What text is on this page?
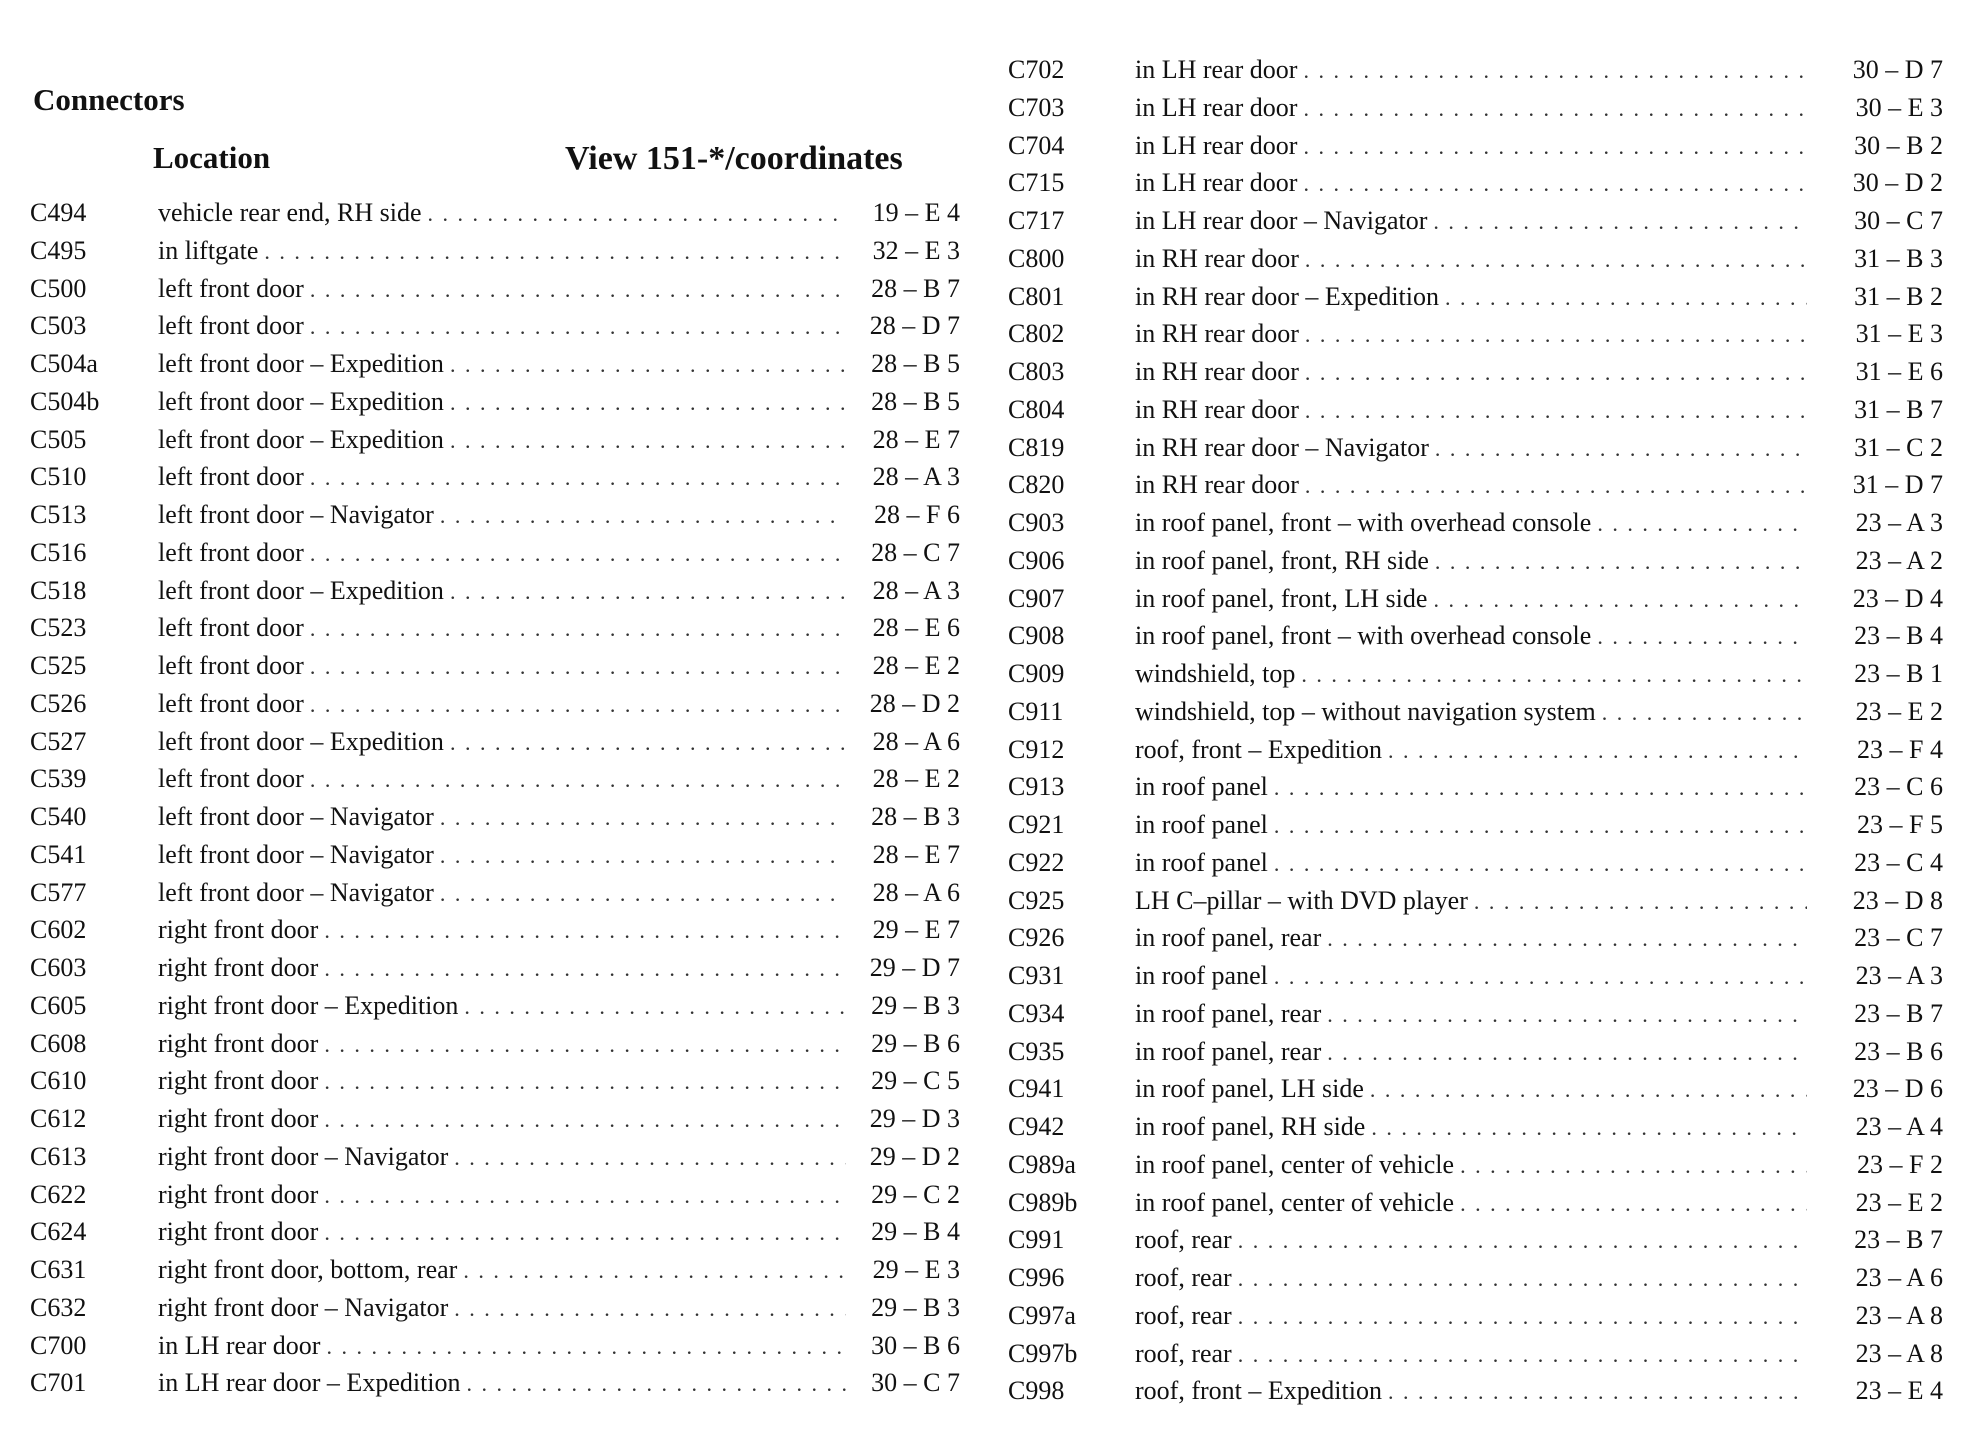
Connectors
Location	View 151-*/coordinates
C494	vehicle rear end, RH side . . .	19 – E 4
C495	in liftgate . . .	32 – E 3
C500	left front door . . .	28 – B 7
C503	left front door . . .	28 – D 7
C504a	left front door – Expedition . . .	28 – B 5
C504b	left front door – Expedition . . .	28 – B 5
C505	left front door – Expedition . . .	28 – E 7
C510	left front door . . .	28 – A 3
C513	left front door – Navigator . . .	28 – F 6
C516	left front door . . .	28 – C 7
C518	left front door – Expedition . . .	28 – A 3
C523	left front door . . .	28 – E 6
C525	left front door . . .	28 – E 2
C526	left front door . . .	28 – D 2
C527	left front door – Expedition . . .	28 – A 6
C539	left front door . . .	28 – E 2
C540	left front door – Navigator . . .	28 – B 3
C541	left front door – Navigator . . .	28 – E 7
C577	left front door – Navigator . . .	28 – A 6
C602	right front door . . .	29 – E 7
C603	right front door . . .	29 – D 7
C605	right front door – Expedition . . .	29 – B 3
C608	right front door . . .	29 – B 6
C610	right front door . . .	29 – C 5
C612	right front door . . .	29 – D 3
C613	right front door – Navigator . . .	29 – D 2
C622	right front door . . .	29 – C 2
C624	right front door . . .	29 – B 4
C631	right front door, bottom, rear . . .	29 – E 3
C632	right front door – Navigator . . .	29 – B 3
C700	in LH rear door . . .	30 – B 6
C701	in LH rear door – Expedition . . .	30 – C 7
C702	in LH rear door . . .	30 – D 7
C703	in LH rear door . . .	30 – E 3
C704	in LH rear door . . .	30 – B 2
C715	in LH rear door . . .	30 – D 2
C717	in LH rear door – Navigator . . .	30 – C 7
C800	in RH rear door . . .	31 – B 3
C801	in RH rear door – Expedition . . .	31 – B 2
C802	in RH rear door . . .	31 – E 3
C803	in RH rear door . . .	31 – E 6
C804	in RH rear door . . .	31 – B 7
C819	in RH rear door – Navigator . . .	31 – C 2
C820	in RH rear door . . .	31 – D 7
C903	in roof panel, front – with overhead console . . .	23 – A 3
C906	in roof panel, front, RH side . . .	23 – A 2
C907	in roof panel, front, LH side . . .	23 – D 4
C908	in roof panel, front – with overhead console . . .	23 – B 4
C909	windshield, top . . .	23 – B 1
C911	windshield, top – without navigation system . . .	23 – E 2
C912	roof, front – Expedition . . .	23 – F 4
C913	in roof panel . . .	23 – C 6
C921	in roof panel . . .	23 – F 5
C922	in roof panel . . .	23 – C 4
C925	LH C–pillar – with DVD player . . .	23 – D 8
C926	in roof panel, rear . . .	23 – C 7
C931	in roof panel . . .	23 – A 3
C934	in roof panel, rear . . .	23 – B 7
C935	in roof panel, rear . . .	23 – B 6
C941	in roof panel, LH side . . .	23 – D 6
C942	in roof panel, RH side . . .	23 – A 4
C989a	in roof panel, center of vehicle . . .	23 – F 2
C989b	in roof panel, center of vehicle . . .	23 – E 2
C991	roof, rear . . .	23 – B 7
C996	roof, rear . . .	23 – A 6
C997a	roof, rear . . .	23 – A 8
C997b	roof, rear . . .	23 – A 8
C998	roof, front – Expedition . . .	23 – E 4
